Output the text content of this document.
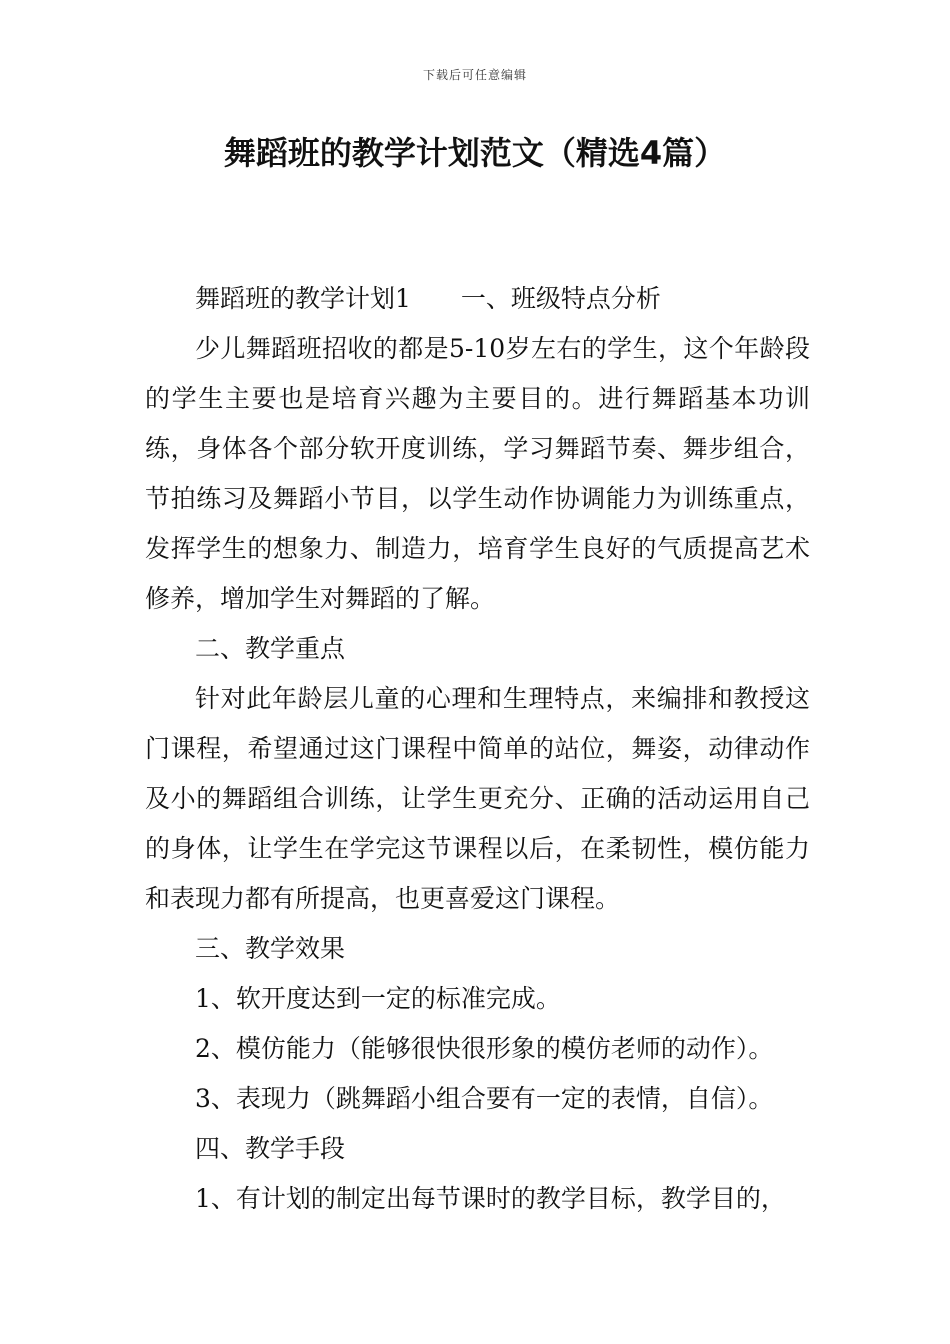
下载后可任意编辑
舞蹈班的教学计划范文（精选4篇）

舞蹈班的教学计划1 一、班级特点分析

少儿舞蹈班招收的都是5-10岁左右的学生，这个年龄段的学生主要也是培育兴趣为主要目的。进行舞蹈基本功训练，身体各个部分软开度训练，学习舞蹈节奏、舞步组合，节拍练习及舞蹈小节目，以学生动作协调能力为训练重点，发挥学生的想象力、制造力，培育学生良好的气质提高艺术修养，增加学生对舞蹈的了解。

二、教学重点

针对此年龄层儿童的心理和生理特点，来编排和教授这门课程，希望通过这门课程中简单的站位，舞姿，动律动作及小的舞蹈组合训练，让学生更充分、正确的活动运用自己的身体，让学生在学完这节课程以后，在柔韧性，模仿能力和表现力都有所提高，也更喜爱这门课程。

三、教学效果

1、软开度达到一定的标准完成。

2、模仿能力（能够很快很形象的模仿老师的动作）。

3、表现力（跳舞蹈小组合要有一定的表情，自信）。

四、教学手段

1、有计划的制定出每节课时的教学目标，教学目的，
